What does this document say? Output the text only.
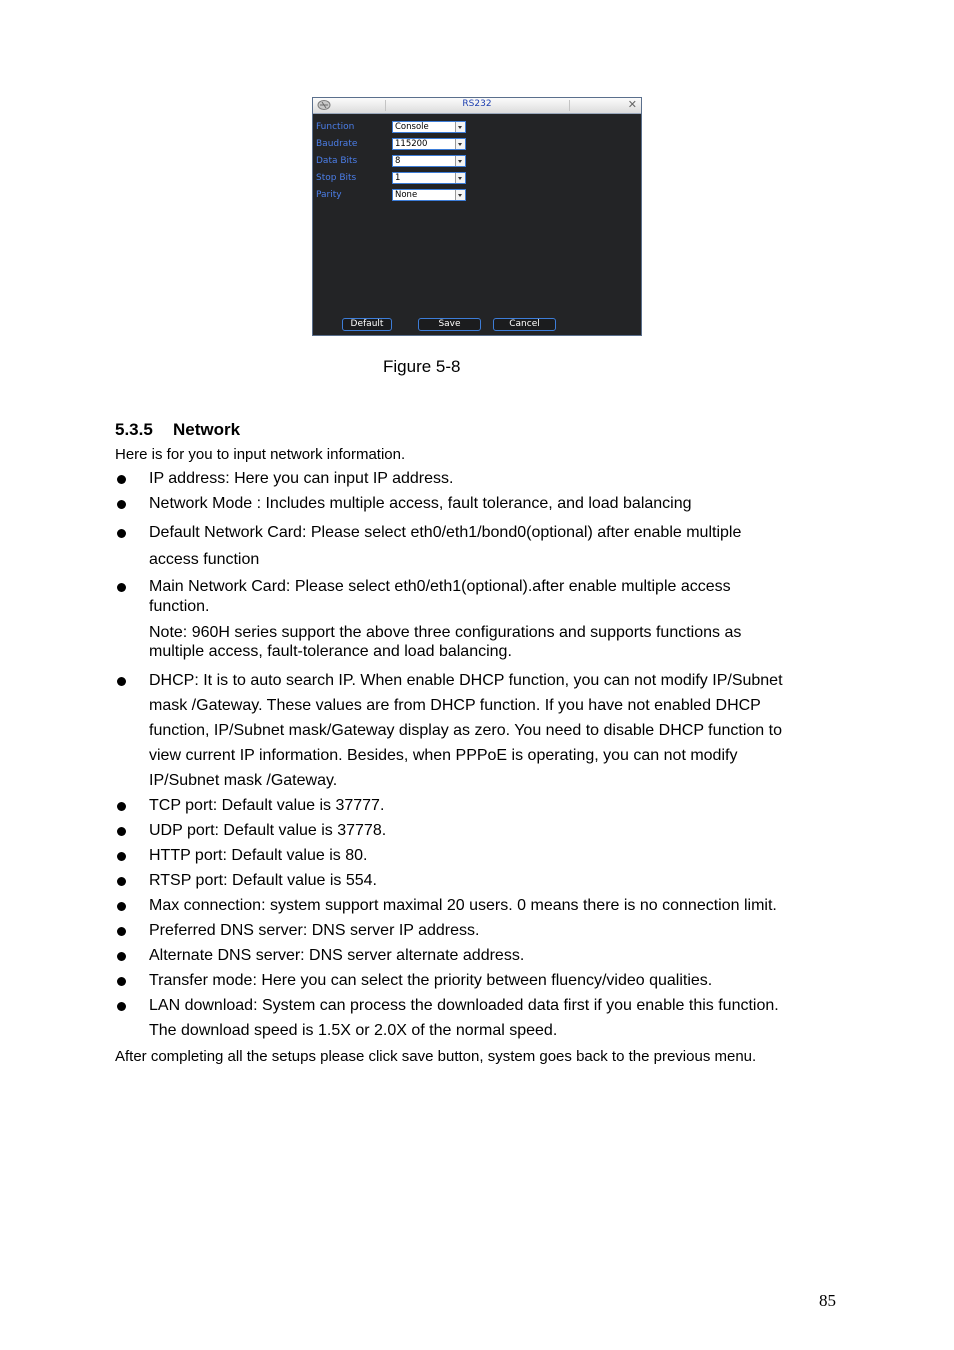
RS232	✕
Function	Console
Baudrate	115200
Data Bits	8
Stop Bits	1
Parity	None
Default	Save	Cancel
Figure 5-8
5.3.5 Network
Here is for you to input network information.
IP address: Here you can input IP address.
Network Mode : Includes multiple access, fault tolerance, and load balancing
Default Network Card: Please select eth0/eth1/bond0(optional) after enable multiple
access function
Main Network Card: Please select eth0/eth1(optional).after enable multiple access
function.
Note: 960H series support the above three configurations and supports functions as
multiple access, fault-tolerance and load balancing.
DHCP: It is to auto search IP. When enable DHCP function, you can not modify IP/Subnet
mask /Gateway. These values are from DHCP function. If you have not enabled DHCP
function, IP/Subnet mask/Gateway display as zero. You need to disable DHCP function to
view current IP information. Besides, when PPPoE is operating, you can not modify
IP/Subnet mask /Gateway.
TCP port: Default value is 37777.
UDP port: Default value is 37778.
HTTP port: Default value is 80.
RTSP port: Default value is 554.
Max connection: system support maximal 20 users. 0 means there is no connection limit.
Preferred DNS server: DNS server IP address.
Alternate DNS server: DNS server alternate address.
Transfer mode: Here you can select the priority between fluency/video qualities.
LAN download: System can process the downloaded data first if you enable this function.
The download speed is 1.5X or 2.0X of the normal speed.
After completing all the setups please click save button, system goes back to the previous menu.
85
